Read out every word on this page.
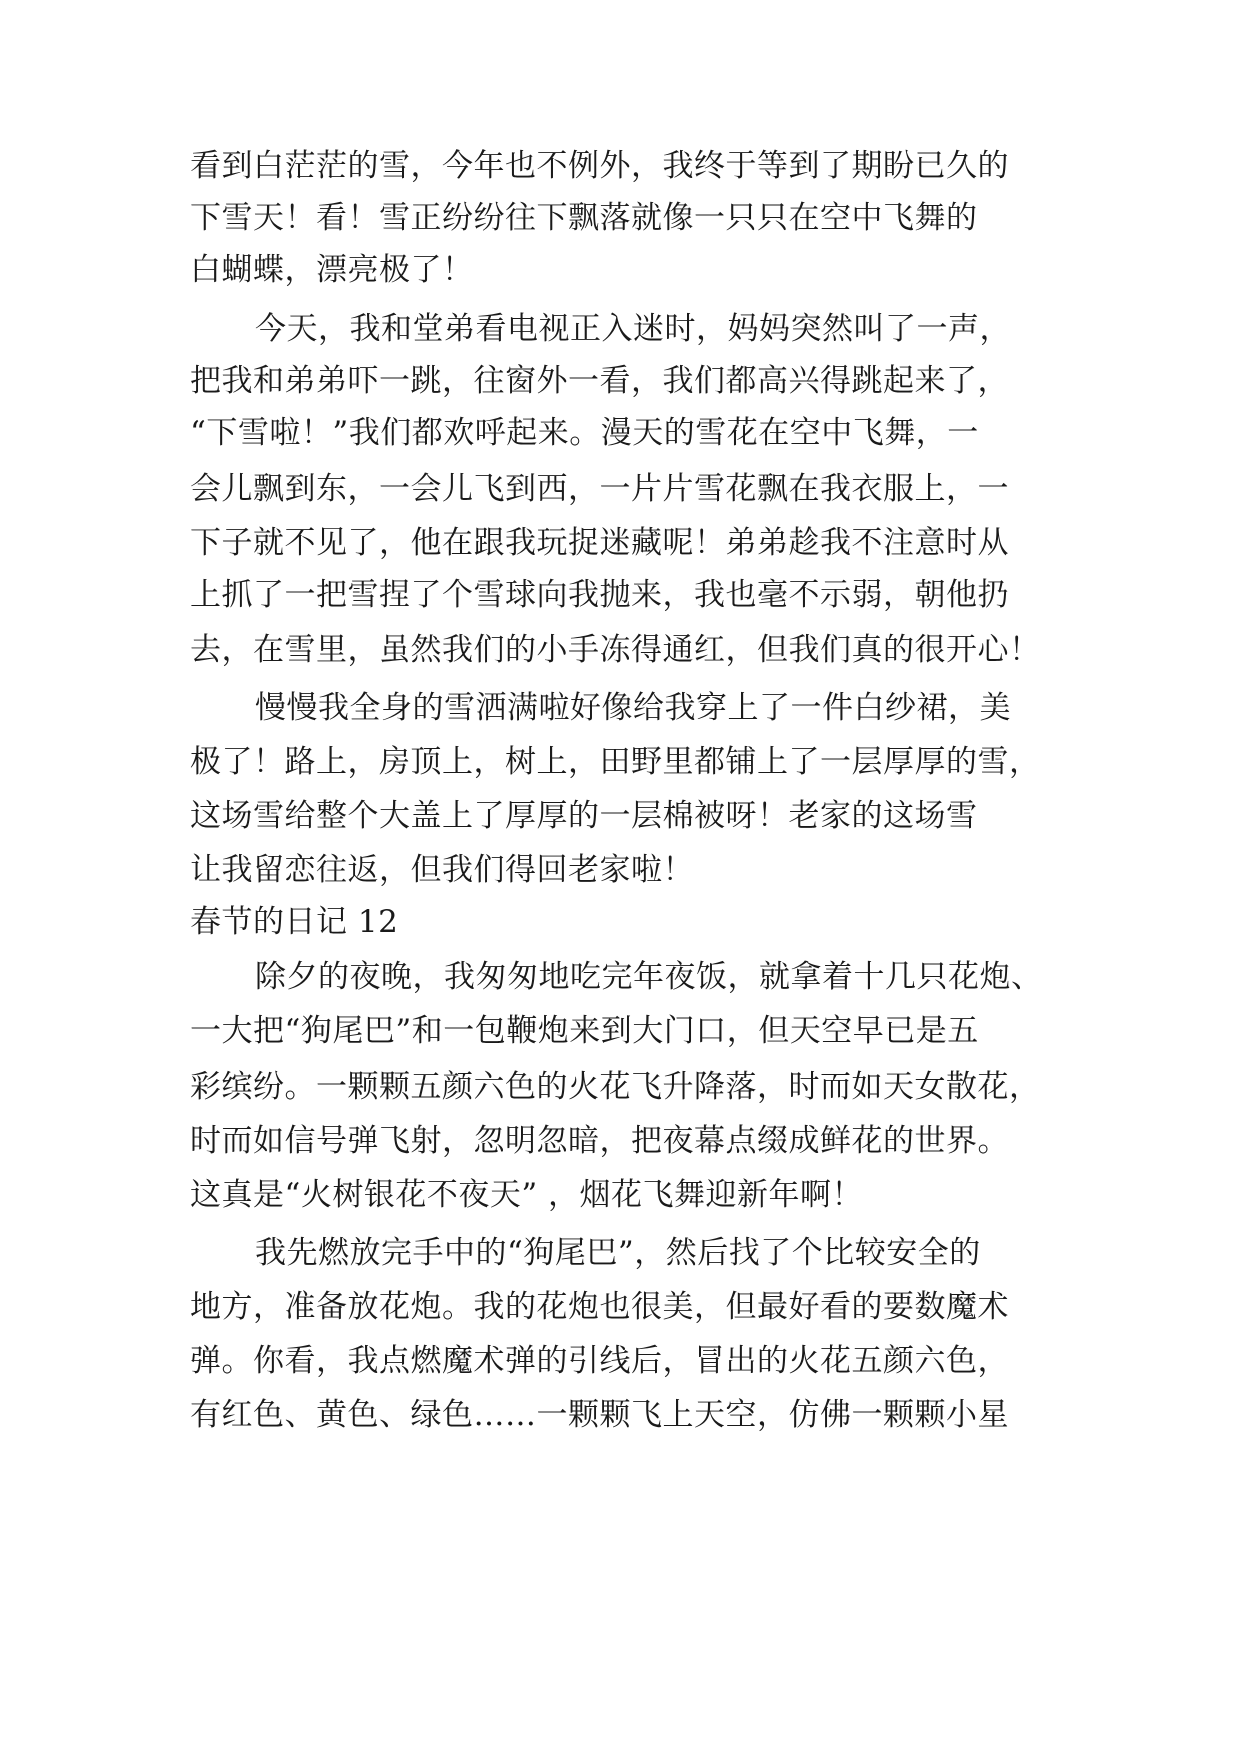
看到白茫茫的雪，今年也不例外，我终于等到了期盼已久的
下雪天！看！雪正纷纷往下飘落就像一只只在空中飞舞的
白蝴蝶，漂亮极了！
今天，我和堂弟看电视正入迷时，妈妈突然叫了一声，
把我和弟弟吓一跳，往窗外一看，我们都高兴得跳起来了，
“下雪啦！”我们都欢呼起来。漫天的雪花在空中飞舞，一
会儿飘到东，一会儿飞到西，一片片雪花飘在我衣服上，一
下子就不见了，他在跟我玩捉迷藏呢！弟弟趁我不注意时从
上抓了一把雪捏了个雪球向我抛来，我也毫不示弱，朝他扔
去，在雪里，虽然我们的小手冻得通红，但我们真的很开心！
慢慢我全身的雪洒满啦好像给我穿上了一件白纱裙，美
极了！路上，房顶上，树上，田野里都铺上了一层厚厚的雪，
这场雪给整个大盖上了厚厚的一层棉被呀！老家的这场雪
让我留恋往返，但我们得回老家啦！
春节的日记 12
除夕的夜晚，我匆匆地吃完年夜饭，就拿着十几只花炮、
一大把“狗尾巴”和一包鞭炮来到大门口，但天空早已是五
彩缤纷。一颗颗五颜六色的火花飞升降落，时而如天女散花，
时而如信号弹飞射，忽明忽暗，把夜幕点缀成鲜花的世界。
这真是“火树银花不夜天” ，烟花飞舞迎新年啊！
我先燃放完手中的“狗尾巴”，然后找了个比较安全的
地方，准备放花炮。我的花炮也很美，但最好看的要数魔术
弹。你看，我点燃魔术弹的引线后，冒出的火花五颜六色，
有红色、黄色、绿色……一颗颗飞上天空，仿佛一颗颗小星
